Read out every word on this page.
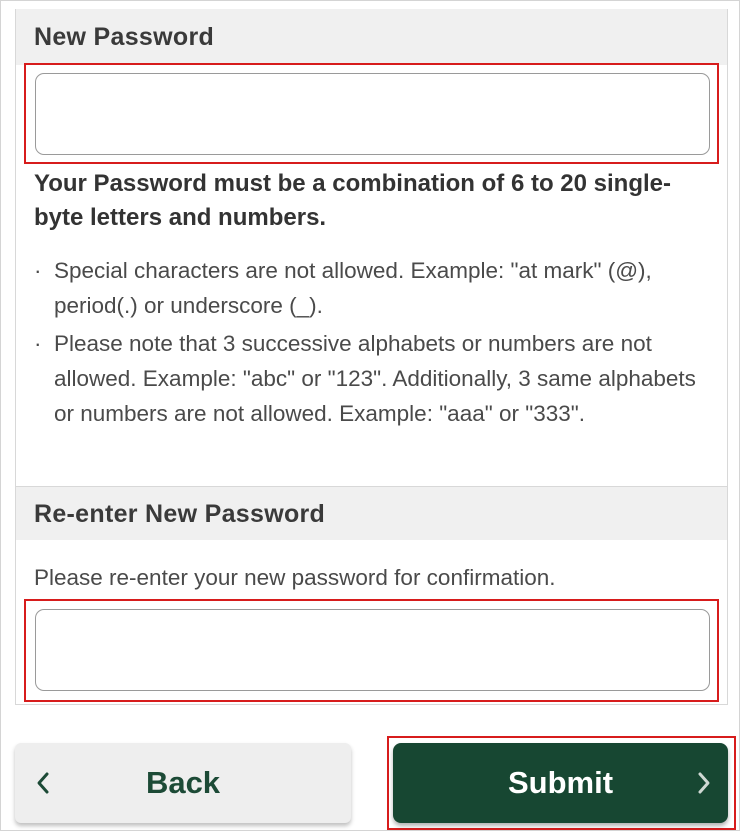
New Password
Your Password must be a combination of 6 to 20 single-byte letters and numbers.
· Special characters are not allowed. Example: "at mark" (@), period(.) or underscore (_).
· Please note that 3 successive alphabets or numbers are not allowed. Example: "abc" or "123". Additionally, 3 same alphabets or numbers are not allowed. Example: "aaa" or "333".
Re-enter New Password
Please re-enter your new password for confirmation.
Back	Submit
